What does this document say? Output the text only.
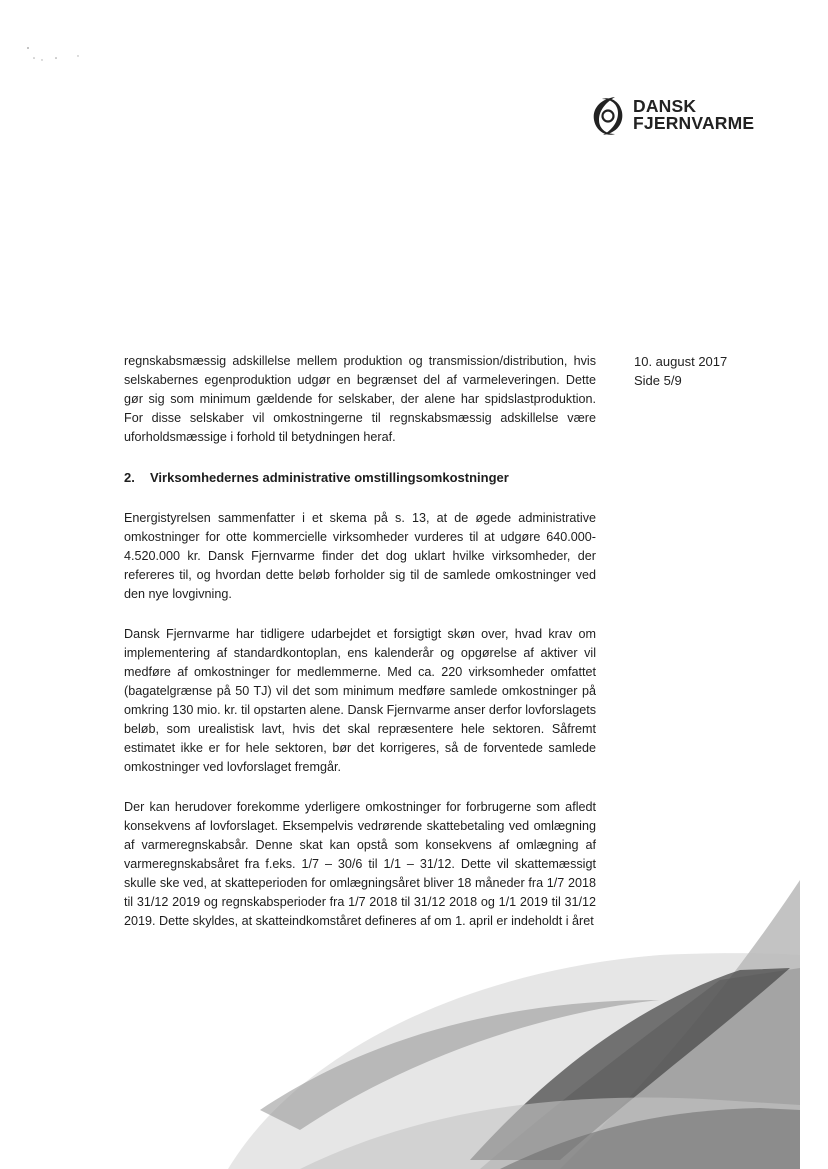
DANSK
FJERNVARME
10. august 2017
Side 5/9

regnskabsmæssig adskillelse mellem produktion og transmission/distribution, hvis selskabernes egenproduktion udgør en begrænset del af varmeleveringen. Dette gør sig som minimum gældende for selskaber, der alene har spidslastproduktion. For disse selskaber vil omkostningerne til regnskabsmæssig adskillelse være uforholdsmæssige i forhold til betydningen heraf.

2. Virksomhedernes administrative omstillingsomkostninger

Energistyrelsen sammenfatter i et skema på s. 13, at de øgede administrative omkostninger for otte kommercielle virksomheder vurderes til at udgøre 640.000-4.520.000 kr. Dansk Fjernvarme finder det dog uklart hvilke virksomheder, der refereres til, og hvordan dette beløb forholder sig til de samlede omkostninger ved den nye lovgivning.

Dansk Fjernvarme har tidligere udarbejdet et forsigtigt skøn over, hvad krav om implementering af standardkontoplan, ens kalenderår og opgørelse af aktiver vil medføre af omkostninger for medlemmerne. Med ca. 220 virksomheder omfattet (bagatelgrænse på 50 TJ) vil det som minimum medføre samlede omkostninger på omkring 130 mio. kr. til opstarten alene. Dansk Fjernvarme anser derfor lovforslagets beløb, som urealistisk lavt, hvis det skal repræsentere hele sektoren. Såfremt estimatet ikke er for hele sektoren, bør det korrigeres, så de forventede samlede omkostninger ved lovforslaget fremgår.

Der kan herudover forekomme yderligere omkostninger for forbrugerne som afledt konsekvens af lovforslaget. Eksempelvis vedrørende skattebetaling ved omlægning af varmeregnskabsår. Denne skat kan opstå som konsekvens af omlægning af varmeregnskabsåret fra f.eks. 1/7 – 30/6 til 1/1 – 31/12. Dette vil skattemæssigt skulle ske ved, at skatteperioden for omlægningsåret bliver 18 måneder fra 1/7 2018 til 31/12 2019 og regnskabsperioder fra 1/7 2018 til 31/12 2018 og 1/1 2019 til 31/12 2019. Dette skyldes, at skatteindkomståret defineres af om 1. april er indeholdt i året
